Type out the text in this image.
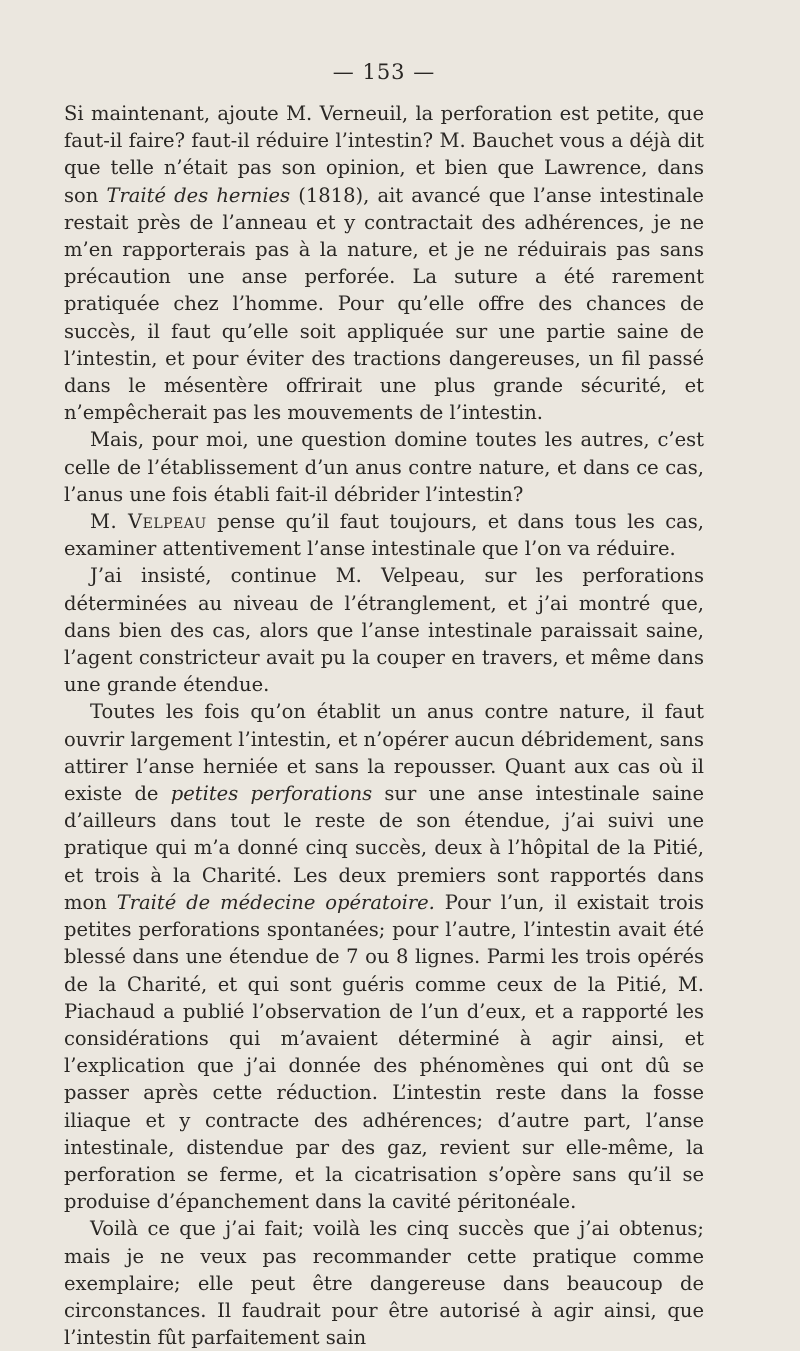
— 153 —

Si maintenant, ajoute M. Verneuil, la perforation est petite, que faut-il faire? faut-il réduire l’intestin? M. Bauchet vous a déjà dit que telle n’était pas son opinion, et bien que Lawrence, dans son Traité des hernies (1818), ait avancé que l’anse intestinale restait près de l’anneau et y contractait des adhérences, je ne m’en rapporterais pas à la nature, et je ne réduirais pas sans précaution une anse perforée. La suture a été rarement pratiquée chez l’homme. Pour qu’elle offre des chances de succès, il faut qu’elle soit appliquée sur une partie saine de l’intestin, et pour éviter des tractions dangereuses, un fil passé dans le mésentère offrirait une plus grande sécurité, et n’empêcherait pas les mouvements de l’intestin.

Mais, pour moi, une question domine toutes les autres, c’est celle de l’établissement d’un anus contre nature, et dans ce cas, l’anus une fois établi fait-il débrider l’intestin?

M. Velpeau pense qu’il faut toujours, et dans tous les cas, examiner attentivement l’anse intestinale que l’on va réduire.

J’ai insisté, continue M. Velpeau, sur les perforations déterminées au niveau de l’étranglement, et j’ai montré que, dans bien des cas, alors que l’anse intestinale paraissait saine, l’agent constricteur avait pu la couper en travers, et même dans une grande étendue.

Toutes les fois qu’on établit un anus contre nature, il faut ouvrir largement l’intestin, et n’opérer aucun débridement, sans attirer l’anse herniée et sans la repousser. Quant aux cas où il existe de petites perforations sur une anse intestinale saine d’ailleurs dans tout le reste de son étendue, j’ai suivi une pratique qui m’a donné cinq succès, deux à l’hôpital de la Pitié, et trois à la Charité. Les deux premiers sont rapportés dans mon Traité de médecine opératoire. Pour l’un, il existait trois petites perforations spontanées; pour l’autre, l’intestin avait été blessé dans une étendue de 7 ou 8 lignes. Parmi les trois opérés de la Charité, et qui sont guéris comme ceux de la Pitié, M. Piachaud a publié l’observation de l’un d’eux, et a rapporté les considérations qui m’avaient déterminé à agir ainsi, et l’explication que j’ai donnée des phénomènes qui ont dû se passer après cette réduction. L’intestin reste dans la fosse iliaque et y contracte des adhérences; d’autre part, l’anse intestinale, distendue par des gaz, revient sur elle-même, la perforation se ferme, et la cicatrisation s’opère sans qu’il se produise d’épanchement dans la cavité péritonéale.

Voilà ce que j’ai fait; voilà les cinq succès que j’ai obtenus; mais je ne veux pas recommander cette pratique comme exemplaire; elle peut être dangereuse dans beaucoup de circonstances. Il faudrait pour être autorisé à agir ainsi, que l’intestin fût parfaitement sain
